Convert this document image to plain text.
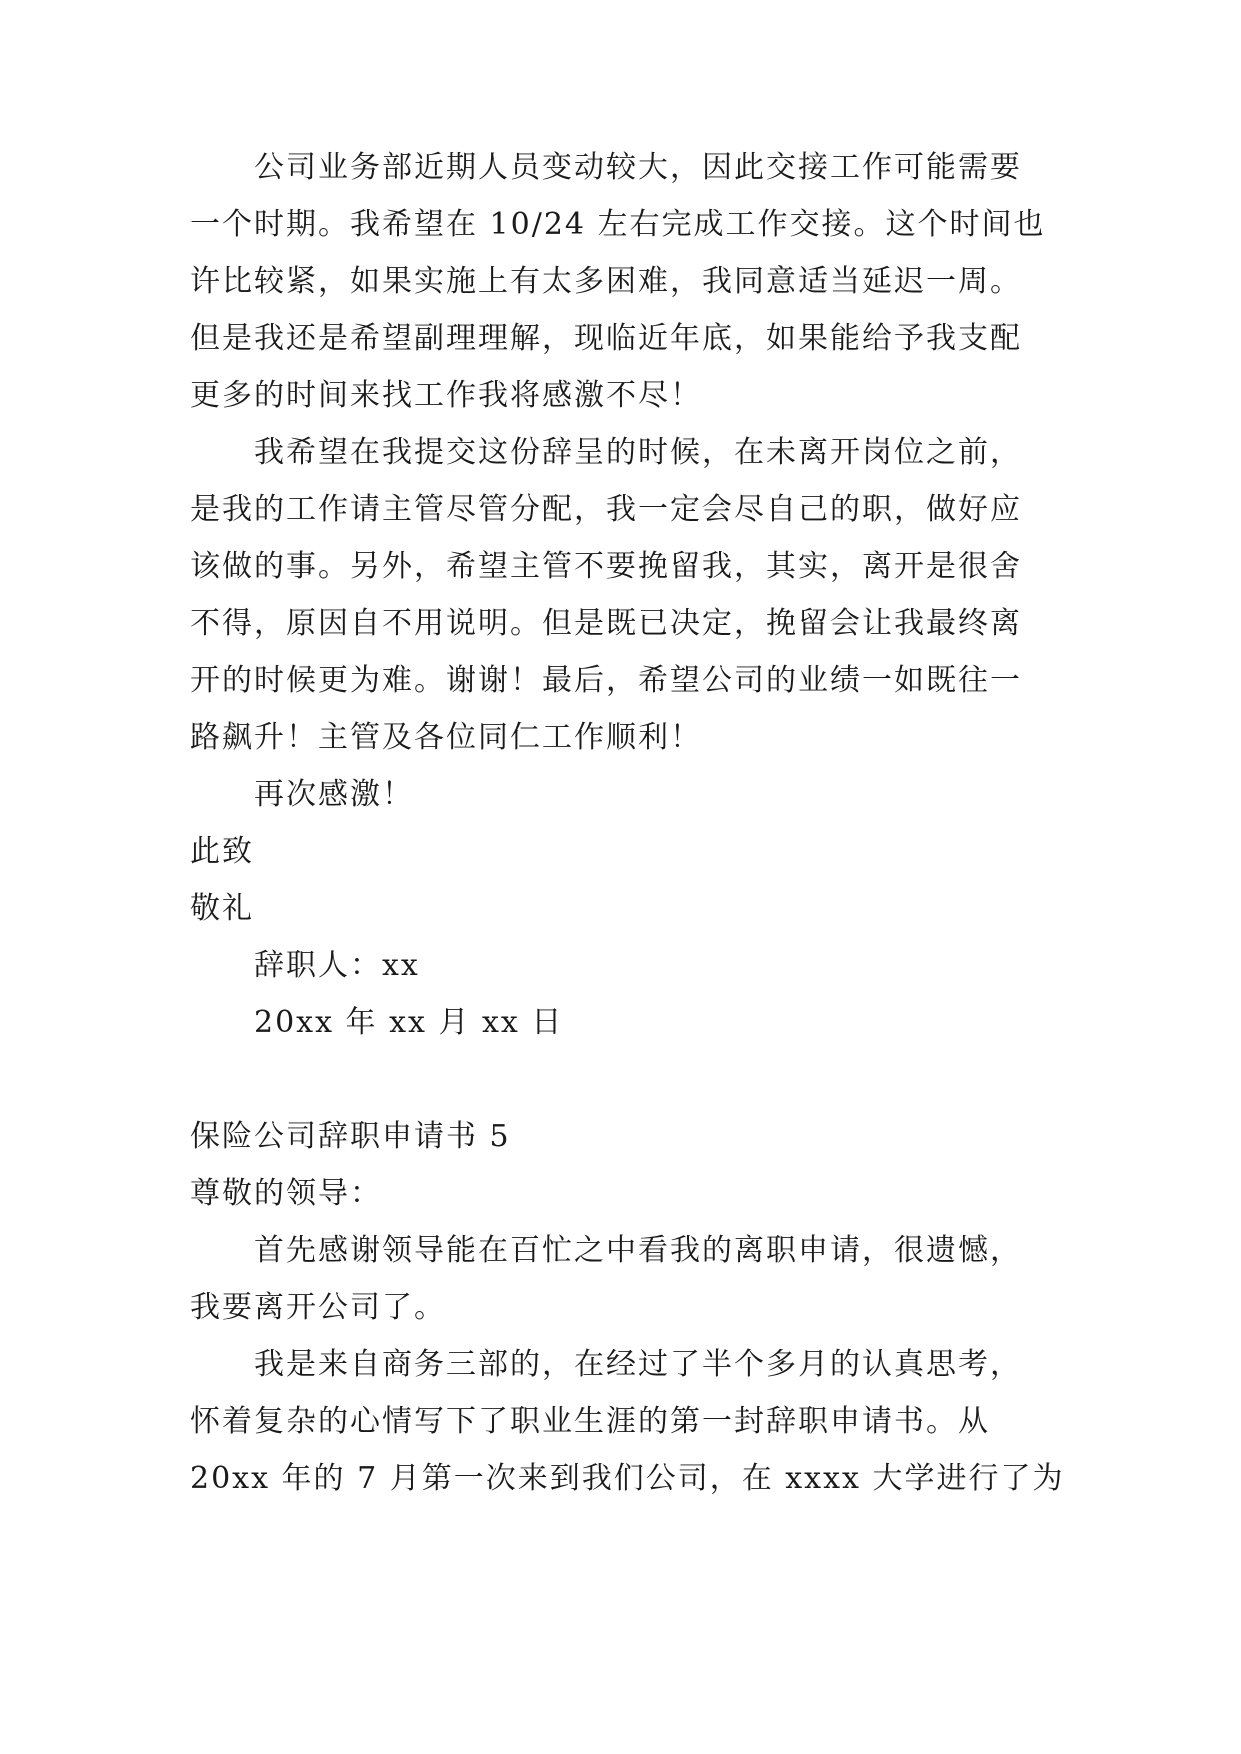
公司业务部近期人员变动较大，因此交接工作可能需要
一个时期。我希望在 10/24 左右完成工作交接。这个时间也
许比较紧，如果实施上有太多困难，我同意适当延迟一周。
但是我还是希望副理理解，现临近年底，如果能给予我支配
更多的时间来找工作我将感激不尽！
我希望在我提交这份辞呈的时候，在未离开岗位之前，
是我的工作请主管尽管分配，我一定会尽自己的职，做好应
该做的事。另外，希望主管不要挽留我，其实，离开是很舍
不得，原因自不用说明。但是既已决定，挽留会让我最终离
开的时候更为难。谢谢！最后，希望公司的业绩一如既往一
路飙升！主管及各位同仁工作顺利！
再次感激！
此致
敬礼
辞职人：xx
20xx 年 xx 月 xx 日
保险公司辞职申请书 5
尊敬的领导：
首先感谢领导能在百忙之中看我的离职申请，很遗憾，
我要离开公司了。
我是来自商务三部的，在经过了半个多月的认真思考，
怀着复杂的心情写下了职业生涯的第一封辞职申请书。从
20xx 年的 7 月第一次来到我们公司，在 xxxx 大学进行了为
